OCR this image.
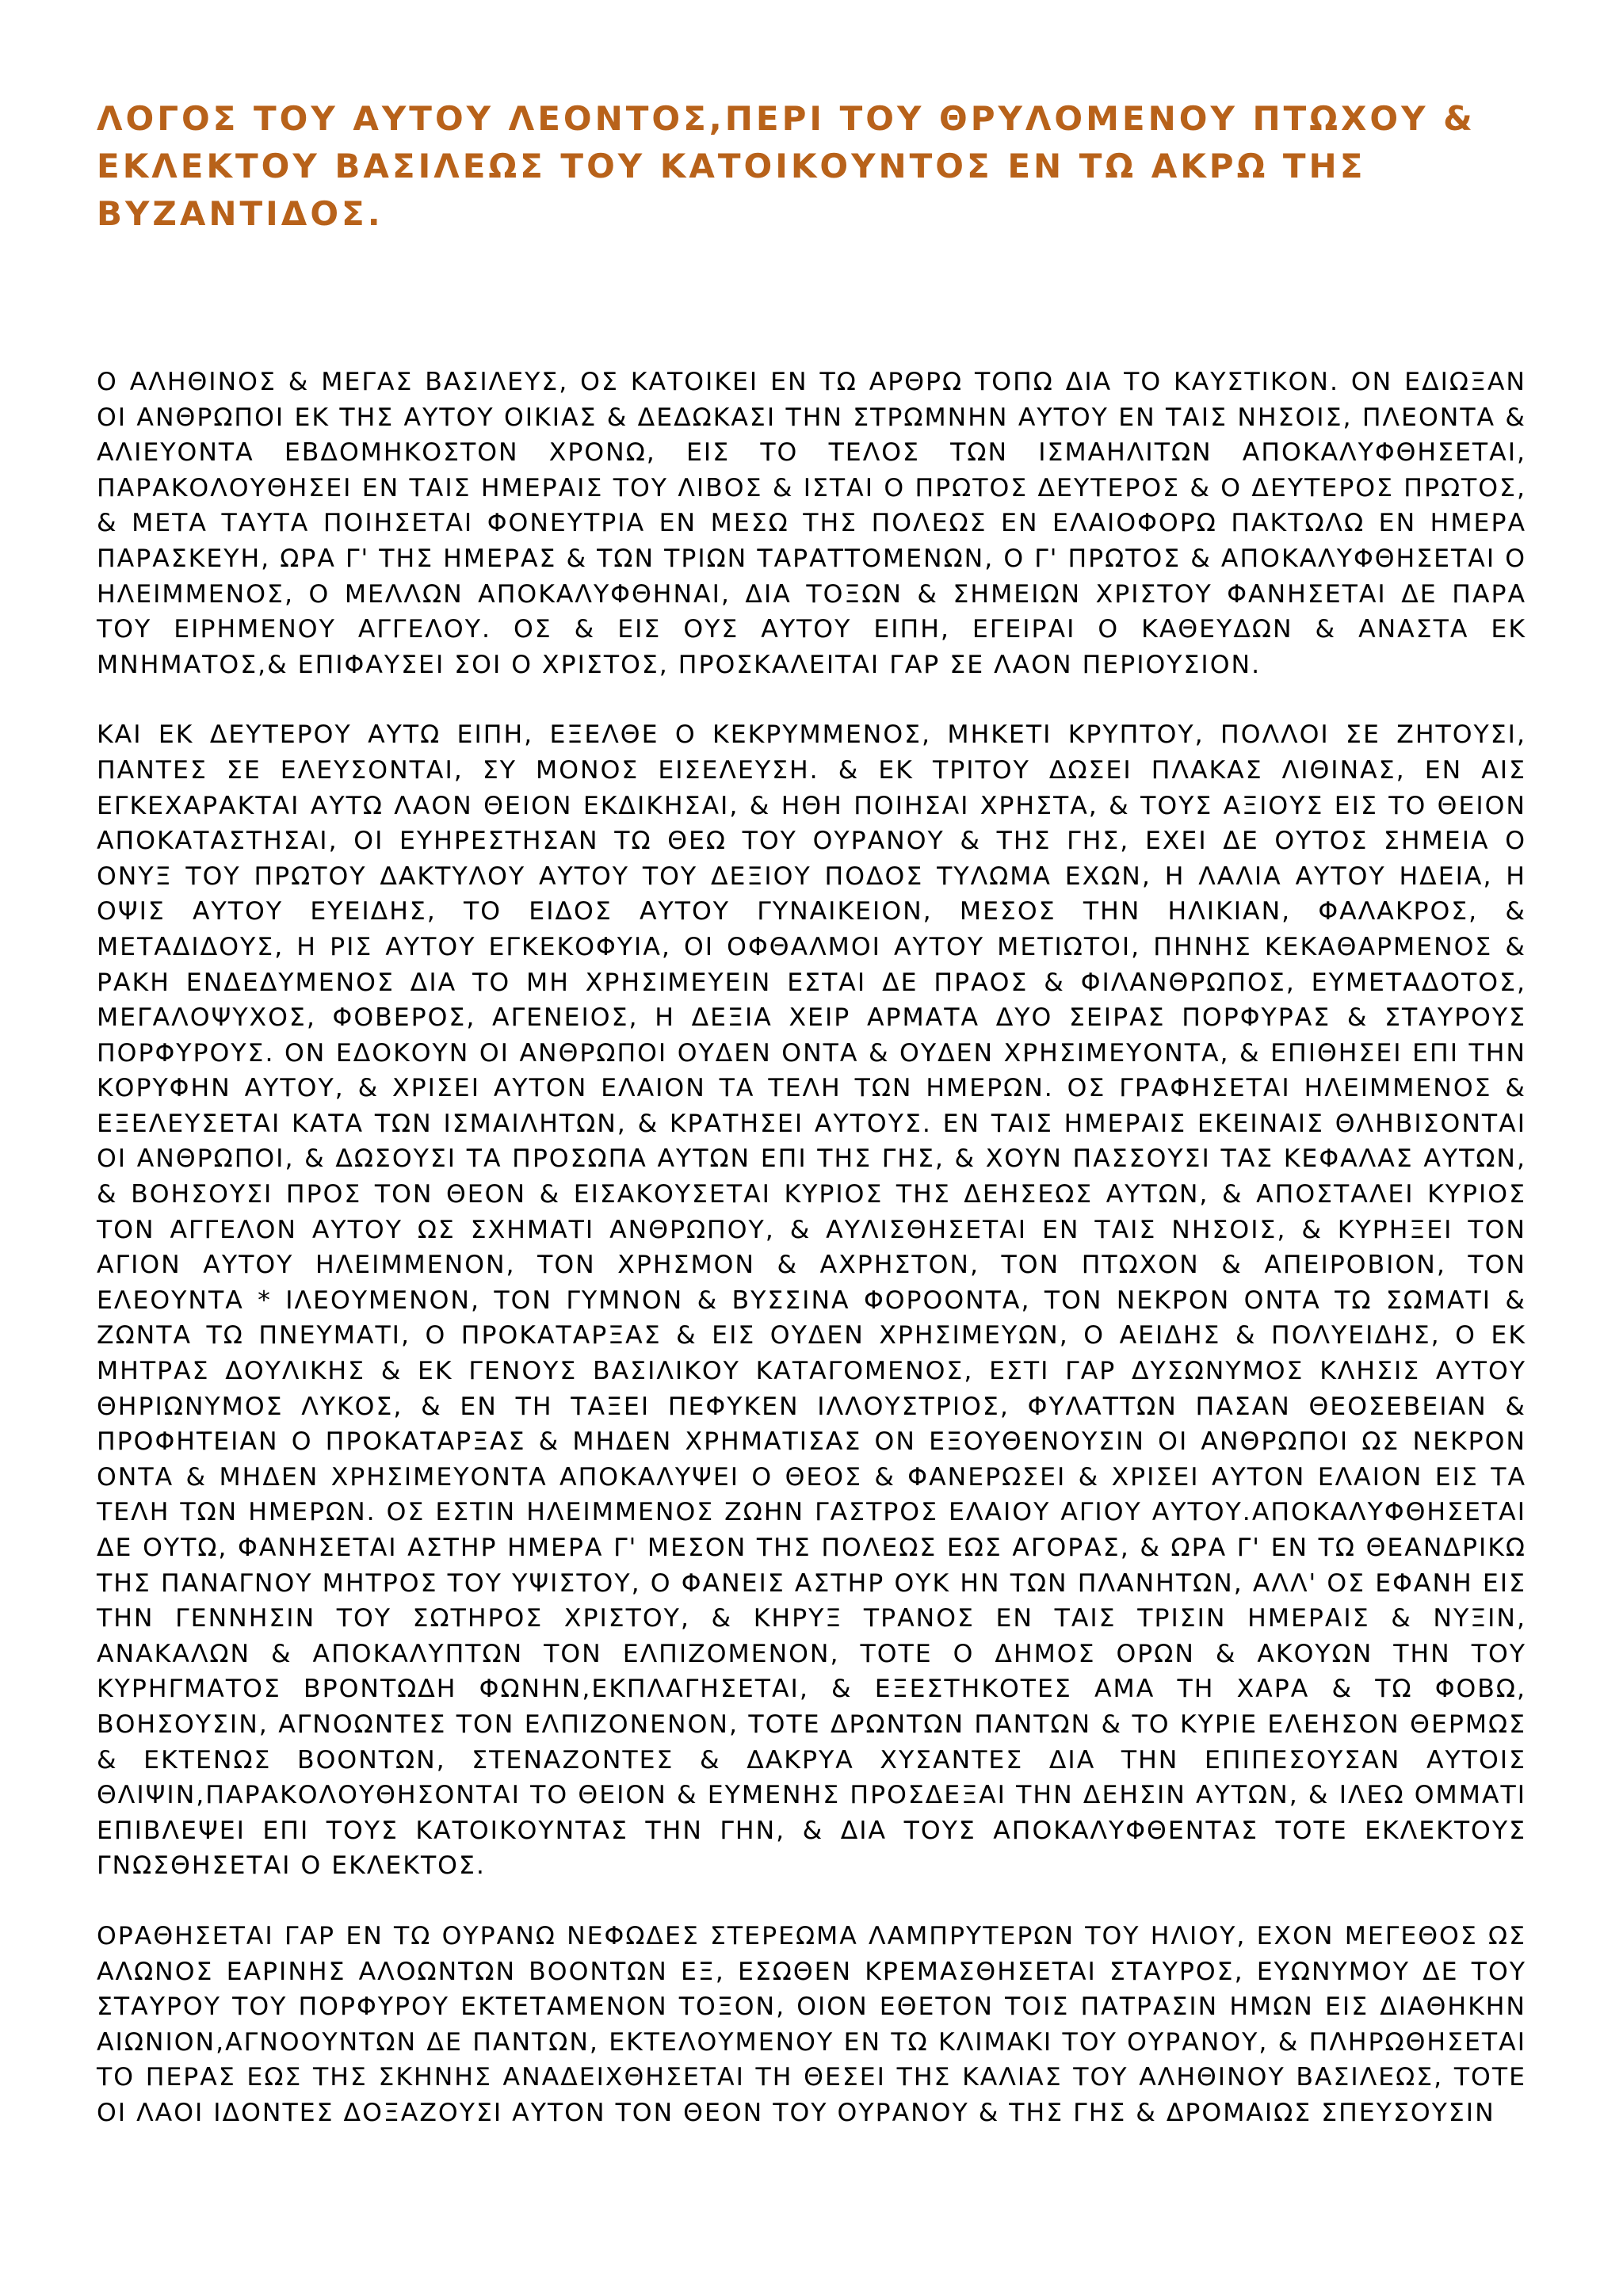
ΛΟΓΟΣ ΤΟΥ ΑΥΤΟΥ ΛΕΟΝΤΟΣ,ΠΕΡΙ ΤΟΥ ΘΡΥΛΟΜΕΝΟΥ ΠΤΩΧΟΥ & ΕΚΛΕΚΤΟΥ ΒΑΣΙΛΕΩΣ ΤΟΥ ΚΑΤΟΙΚΟΥΝΤΟΣ ΕΝ ΤΩ ΑΚΡΩ ΤΗΣ ΒΥΖΑΝΤΙΔΟΣ.

Ο ΑΛΗΘΙΝΟΣ & ΜΕΓΑΣ ΒΑΣΙΛΕΥΣ, ΟΣ ΚΑΤΟΙΚΕΙ ΕΝ ΤΩ ΑΡΘΡΩ ΤΟΠΩ ΔΙΑ ΤΟ ΚΑΥΣΤΙΚΟΝ. ΟΝ ΕΔΙΩΞΑΝ ΟΙ ΑΝΘΡΩΠΟΙ ΕΚ ΤΗΣ ΑΥΤΟΥ ΟΙΚΙΑΣ & ΔΕΔΩΚΑΣΙ ΤΗΝ ΣΤΡΩΜΝΗΝ ΑΥΤΟΥ ΕΝ ΤΑΙΣ ΝΗΣΟΙΣ, ΠΛΕΟΝΤΑ & ΑΛΙΕΥΟΝΤΑ ΕΒΔΟΜΗΚΟΣΤΟΝ ΧΡΟΝΩ, ΕΙΣ ΤΟ ΤΕΛΟΣ ΤΩΝ ΙΣΜΑΗΛΙΤΩΝ ΑΠΟΚΑΛΥΦΘΗΣΕΤΑΙ, ΠΑΡΑΚΟΛΟΥΘΗΣΕΙ ΕΝ ΤΑΙΣ ΗΜΕΡΑΙΣ ΤΟΥ ΛΙΒΟΣ & ΙΣΤΑΙ Ο ΠΡΩΤΟΣ ΔΕΥΤΕΡΟΣ & Ο ΔΕΥΤΕΡΟΣ ΠΡΩΤΟΣ, & ΜΕΤΑ ΤΑΥΤΑ ΠΟΙΗΣΕΤΑΙ ΦΟΝΕΥΤΡΙΑ ΕΝ ΜΕΣΩ ΤΗΣ ΠΟΛΕΩΣ ΕΝ ΕΛΑΙΟΦΟΡΩ ΠΑΚΤΩΛΩ ΕΝ ΗΜΕΡΑ ΠΑΡΑΣΚΕΥΗ, ΩΡΑ Γ' ΤΗΣ ΗΜΕΡΑΣ & ΤΩΝ ΤΡΙΩΝ ΤΑΡΑΤΤΟΜΕΝΩΝ, Ο Γ' ΠΡΩΤΟΣ & ΑΠΟΚΑΛΥΦΘΗΣΕΤΑΙ Ο ΗΛΕΙΜΜΕΝΟΣ, Ο ΜΕΛΛΩΝ ΑΠΟΚΑΛΥΦΘΗΝΑΙ, ΔΙΑ ΤΟΞΩΝ & ΣΗΜΕΙΩΝ ΧΡΙΣΤΟΥ ΦΑΝΗΣΕΤΑΙ ΔΕ ΠΑΡΑ ΤΟΥ ΕΙΡΗΜΕΝΟΥ ΑΓΓΕΛΟΥ. ΟΣ & ΕΙΣ ΟΥΣ ΑΥΤΟΥ ΕΙΠΗ, ΕΓΕΙΡΑΙ Ο ΚΑΘΕΥΔΩΝ & ΑΝΑΣΤΑ ΕΚ ΜΝΗΜΑΤΟΣ,& ΕΠΙΦΑΥΣΕΙ ΣΟΙ Ο ΧΡΙΣΤΟΣ, ΠΡΟΣΚΑΛΕΙΤΑΙ ΓΑΡ ΣΕ ΛΑΟΝ ΠΕΡΙΟΥΣΙΟΝ.

ΚΑΙ ΕΚ ΔΕΥΤΕΡΟΥ ΑΥΤΩ ΕΙΠΗ, ΕΞΕΛΘΕ Ο ΚΕΚΡΥΜΜΕΝΟΣ, ΜΗΚΕΤΙ ΚΡΥΠΤΟΥ, ΠΟΛΛΟΙ ΣΕ ΖΗΤΟΥΣΙ, ΠΑΝΤΕΣ ΣΕ ΕΛΕΥΣΟΝΤΑΙ, ΣΥ ΜΟΝΟΣ ΕΙΣΕΛΕΥΣΗ. & ΕΚ ΤΡΙΤΟΥ ΔΩΣΕΙ ΠΛΑΚΑΣ ΛΙΘΙΝΑΣ, ΕΝ ΑΙΣ ΕΓΚΕΧΑΡΑΚΤΑΙ ΑΥΤΩ ΛΑΟΝ ΘΕΙΟΝ ΕΚΔΙΚΗΣΑΙ, & ΗΘΗ ΠΟΙΗΣΑΙ ΧΡΗΣΤΑ, & ΤΟΥΣ ΑΞΙΟΥΣ ΕΙΣ ΤΟ ΘΕΙΟΝ ΑΠΟΚΑΤΑΣΤΗΣΑΙ, ΟΙ ΕΥΗΡΕΣΤΗΣΑΝ ΤΩ ΘΕΩ ΤΟΥ ΟΥΡΑΝΟΥ & ΤΗΣ ΓΗΣ, ΕΧΕΙ ΔΕ ΟΥΤΟΣ ΣΗΜΕΙΑ Ο ΟΝΥΞ ΤΟΥ ΠΡΩΤΟΥ ΔΑΚΤΥΛΟΥ ΑΥΤΟΥ ΤΟΥ ΔΕΞΙΟΥ ΠΟΔΟΣ ΤΥΛΩΜΑ ΕΧΩΝ, Η ΛΑΛΙΑ ΑΥΤΟΥ ΗΔΕΙΑ, Η ΟΨΙΣ ΑΥΤΟΥ ΕΥΕΙΔΗΣ, ΤΟ ΕΙΔΟΣ ΑΥΤΟΥ ΓΥΝΑΙΚΕΙΟΝ, ΜΕΣΟΣ ΤΗΝ ΗΛΙΚΙΑΝ, ΦΑΛΑΚΡΟΣ, & ΜΕΤΑΔΙΔΟΥΣ, Η ΡΙΣ ΑΥΤΟΥ ΕΓΚΕΚΟΦΥΙΑ, ΟΙ ΟΦΘΑΛΜΟΙ ΑΥΤΟΥ ΜΕΤΙΩΤΟΙ, ΠΗΝΗΣ ΚΕΚΑΘΑΡΜΕΝΟΣ & ΡΑΚΗ ΕΝΔΕΔΥΜΕΝΟΣ ΔΙΑ ΤΟ ΜΗ ΧΡΗΣΙΜΕΥΕΙΝ ΕΣΤΑΙ ΔΕ ΠΡΑΟΣ & ΦΙΛΑΝΘΡΩΠΟΣ, ΕΥΜΕΤΑΔΟΤΟΣ, ΜΕΓΑΛΟΨΥΧΟΣ, ΦΟΒΕΡΟΣ, ΑΓΕΝΕΙΟΣ, Η ΔΕΞΙΑ ΧΕΙΡ ΑΡΜΑΤΑ ΔΥΟ ΣΕΙΡΑΣ ΠΟΡΦΥΡΑΣ & ΣΤΑΥΡΟΥΣ ΠΟΡΦΥΡΟΥΣ. ΟΝ ΕΔΟΚΟΥΝ ΟΙ ΑΝΘΡΩΠΟΙ ΟΥΔΕΝ ΟΝΤΑ & ΟΥΔΕΝ ΧΡΗΣΙΜΕΥΟΝΤΑ, & ΕΠΙΘΗΣΕΙ ΕΠΙ ΤΗΝ ΚΟΡΥΦΗΝ ΑΥΤΟΥ, & ΧΡΙΣΕΙ ΑΥΤΟΝ ΕΛΑΙΟΝ ΤΑ ΤΕΛΗ ΤΩΝ ΗΜΕΡΩΝ. ΟΣ ΓΡΑΦΗΣΕΤΑΙ ΗΛΕΙΜΜΕΝΟΣ & ΕΞΕΛΕΥΣΕΤΑΙ ΚΑΤΑ ΤΩΝ ΙΣΜΑΙΛΗΤΩΝ, & ΚΡΑΤΗΣΕΙ ΑΥΤΟΥΣ. ΕΝ ΤΑΙΣ ΗΜΕΡΑΙΣ ΕΚΕΙΝΑΙΣ ΘΛΗΒΙΣΟΝΤΑΙ ΟΙ ΑΝΘΡΩΠΟΙ, & ΔΩΣΟΥΣΙ ΤΑ ΠΡΟΣΩΠΑ ΑΥΤΩΝ ΕΠΙ ΤΗΣ ΓΗΣ, & ΧΟΥΝ ΠΑΣΣΟΥΣΙ ΤΑΣ ΚΕΦΑΛΑΣ ΑΥΤΩΝ, & ΒΟΗΣΟΥΣΙ ΠΡΟΣ ΤΟΝ ΘΕΟΝ & ΕΙΣΑΚΟΥΣΕΤΑΙ ΚΥΡΙΟΣ ΤΗΣ ΔΕΗΣΕΩΣ ΑΥΤΩΝ, & ΑΠΟΣΤΑΛΕΙ ΚΥΡΙΟΣ ΤΟΝ ΑΓΓΕΛΟΝ ΑΥΤΟΥ ΩΣ ΣΧΗΜΑΤΙ ΑΝΘΡΩΠΟΥ, & ΑΥΛΙΣΘΗΣΕΤΑΙ ΕΝ ΤΑΙΣ ΝΗΣΟΙΣ, & ΚΥΡΗΞΕΙ ΤΟΝ ΑΓΙΟΝ ΑΥΤΟΥ ΗΛΕΙΜΜΕΝΟΝ, ΤΟΝ ΧΡΗΣΜΟΝ & ΑΧΡΗΣΤΟΝ, ΤΟΝ ΠΤΩΧΟΝ & ΑΠΕΙΡΟΒΙΟΝ, ΤΟΝ ΕΛΕΟΥΝΤΑ * ΙΛΕΟΥΜΕΝΟΝ, ΤΟΝ ΓΥΜΝΟΝ & ΒΥΣΣΙΝΑ ΦΟΡΟΟΝΤΑ, ΤΟΝ ΝΕΚΡΟΝ ΟΝΤΑ ΤΩ ΣΩΜΑΤΙ & ΖΩΝΤΑ ΤΩ ΠΝΕΥΜΑΤΙ, Ο ΠΡΟΚΑΤΑΡΞΑΣ & ΕΙΣ ΟΥΔΕΝ ΧΡΗΣΙΜΕΥΩΝ, Ο ΑΕΙΔΗΣ & ΠΟΛΥΕΙΔΗΣ, Ο ΕΚ ΜΗΤΡΑΣ ΔΟΥΛΙΚΗΣ & ΕΚ ΓΕΝΟΥΣ ΒΑΣΙΛΙΚΟΥ ΚΑΤΑΓΟΜΕΝΟΣ, ΕΣΤΙ ΓΑΡ ΔΥΣΩΝΥΜΟΣ ΚΛΗΣΙΣ ΑΥΤΟΥ ΘΗΡΙΩΝΥΜΟΣ ΛΥΚΟΣ, & ΕΝ ΤΗ ΤΑΞΕΙ ΠΕΦΥΚΕΝ ΙΛΛΟΥΣΤΡΙΟΣ, ΦΥΛΑΤΤΩΝ ΠΑΣΑΝ ΘΕΟΣΕΒΕΙΑΝ & ΠΡΟΦΗΤΕΙΑΝ Ο ΠΡΟΚΑΤΑΡΞΑΣ & ΜΗΔΕΝ ΧΡΗΜΑΤΙΣΑΣ ΟΝ ΕΞΟΥΘΕΝΟΥΣΙΝ ΟΙ ΑΝΘΡΩΠΟΙ ΩΣ ΝΕΚΡΟΝ ΟΝΤΑ & ΜΗΔΕΝ ΧΡΗΣΙΜΕΥΟΝΤΑ ΑΠΟΚΑΛΥΨΕΙ Ο ΘΕΟΣ & ΦΑΝΕΡΩΣΕΙ & ΧΡΙΣΕΙ ΑΥΤΟΝ ΕΛΑΙΟΝ ΕΙΣ ΤΑ ΤΕΛΗ ΤΩΝ ΗΜΕΡΩΝ. ΟΣ ΕΣΤΙΝ ΗΛΕΙΜΜΕΝΟΣ ΖΩΗΝ ΓΑΣΤΡΟΣ ΕΛΑΙΟΥ ΑΓΙΟΥ ΑΥΤΟΥ.ΑΠΟΚΑΛΥΦΘΗΣΕΤΑΙ ΔΕ ΟΥΤΩ, ΦΑΝΗΣΕΤΑΙ ΑΣΤΗΡ ΗΜΕΡΑ Γ' ΜΕΣΟΝ ΤΗΣ ΠΟΛΕΩΣ ΕΩΣ ΑΓΟΡΑΣ, & ΩΡΑ Γ' ΕΝ ΤΩ ΘΕΑΝΔΡΙΚΩ ΤΗΣ ΠΑΝΑΓΝΟΥ ΜΗΤΡΟΣ ΤΟΥ ΥΨΙΣΤΟΥ, Ο ΦΑΝΕΙΣ ΑΣΤΗΡ ΟΥΚ ΗΝ ΤΩΝ ΠΛΑΝΗΤΩΝ, ΑΛΛ' ΟΣ ΕΦΑΝΗ ΕΙΣ ΤΗΝ ΓΕΝΝΗΣΙΝ ΤΟΥ ΣΩΤΗΡΟΣ ΧΡΙΣΤΟΥ, & ΚΗΡΥΞ ΤΡΑΝΟΣ ΕΝ ΤΑΙΣ ΤΡΙΣΙΝ ΗΜΕΡΑΙΣ & ΝΥΞΙΝ, ΑΝΑΚΑΛΩΝ & ΑΠΟΚΑΛΥΠΤΩΝ ΤΟΝ ΕΛΠΙΖΟΜΕΝΟΝ, ΤΟΤΕ Ο ΔΗΜΟΣ ΟΡΩΝ & ΑΚΟΥΩΝ ΤΗΝ ΤΟΥ ΚΥΡΗΓΜΑΤΟΣ ΒΡΟΝΤΩΔΗ ΦΩΝΗΝ,ΕΚΠΛΑΓΗΣΕΤΑΙ, & ΕΞΕΣΤΗΚΟΤΕΣ ΑΜΑ ΤΗ ΧΑΡΑ & ΤΩ ΦΟΒΩ, ΒΟΗΣΟΥΣΙΝ, ΑΓΝΟΩΝΤΕΣ ΤΟΝ ΕΛΠΙΖΟΝΕΝΟΝ, ΤΟΤΕ ΔΡΩΝΤΩΝ ΠΑΝΤΩΝ & ΤΟ ΚΥΡΙΕ ΕΛΕΗΣΟΝ ΘΕΡΜΩΣ & ΕΚΤΕΝΩΣ ΒΟΟΝΤΩΝ, ΣΤΕΝΑΖΟΝΤΕΣ & ΔΑΚΡΥΑ ΧΥΣΑΝΤΕΣ ΔΙΑ ΤΗΝ ΕΠΙΠΕΣΟΥΣΑΝ ΑΥΤΟΙΣ ΘΛΙΨΙΝ,ΠΑΡΑΚΟΛΟΥΘΗΣΟΝΤΑΙ ΤΟ ΘΕΙΟΝ & ΕΥΜΕΝΗΣ ΠΡΟΣΔΕΞΑΙ ΤΗΝ ΔΕΗΣΙΝ ΑΥΤΩΝ, & ΙΛΕΩ ΟΜΜΑΤΙ ΕΠΙΒΛΕΨΕΙ ΕΠΙ ΤΟΥΣ ΚΑΤΟΙΚΟΥΝΤΑΣ ΤΗΝ ΓΗΝ, & ΔΙΑ ΤΟΥΣ ΑΠΟΚΑΛΥΦΘΕΝΤΑΣ ΤΟΤΕ ΕΚΛΕΚΤΟΥΣ ΓΝΩΣΘΗΣΕΤΑΙ Ο ΕΚΛΕΚΤΟΣ.

ΟΡΑΘΗΣΕΤΑΙ ΓΑΡ ΕΝ ΤΩ ΟΥΡΑΝΩ ΝΕΦΩΔΕΣ ΣΤΕΡΕΩΜΑ ΛΑΜΠΡΥΤΕΡΩΝ ΤΟΥ ΗΛΙΟΥ, ΕΧΟΝ ΜΕΓΕΘΟΣ ΩΣ ΑΛΩΝΟΣ ΕΑΡΙΝΗΣ ΑΛΟΩΝΤΩΝ ΒΟΟΝΤΩΝ ΕΞ, ΕΣΩΘΕΝ ΚΡΕΜΑΣΘΗΣΕΤΑΙ ΣΤΑΥΡΟΣ, ΕΥΩΝΥΜΟΥ ΔΕ ΤΟΥ ΣΤΑΥΡΟΥ ΤΟΥ ΠΟΡΦΥΡΟΥ ΕΚΤΕΤΑΜΕΝΟΝ ΤΟΞΟΝ, ΟΙΟΝ ΕΘΕΤΟΝ ΤΟΙΣ ΠΑΤΡΑΣΙΝ ΗΜΩΝ ΕΙΣ ΔΙΑΘΗΚΗΝ ΑΙΩΝΙΟΝ,ΑΓΝΟΟΥΝΤΩΝ ΔΕ ΠΑΝΤΩΝ, ΕΚΤΕΛΟΥΜΕΝΟΥ ΕΝ ΤΩ ΚΛΙΜΑΚΙ ΤΟΥ ΟΥΡΑΝΟΥ, & ΠΛΗΡΩΘΗΣΕΤΑΙ ΤΟ ΠΕΡΑΣ ΕΩΣ ΤΗΣ ΣΚΗΝΗΣ ΑΝΑΔΕΙΧΘΗΣΕΤΑΙ ΤΗ ΘΕΣΕΙ ΤΗΣ ΚΑΛΙΑΣ ΤΟΥ ΑΛΗΘΙΝΟΥ ΒΑΣΙΛΕΩΣ, ΤΟΤΕ ΟΙ ΛΑΟΙ ΙΔΟΝΤΕΣ ΔΟΞΑΖΟΥΣΙ ΑΥΤΟΝ ΤΟΝ ΘΕΟΝ ΤΟΥ ΟΥΡΑΝΟΥ & ΤΗΣ ΓΗΣ & ΔΡΟΜΑΙΩΣ ΣΠΕΥΣΟΥΣΙΝ
